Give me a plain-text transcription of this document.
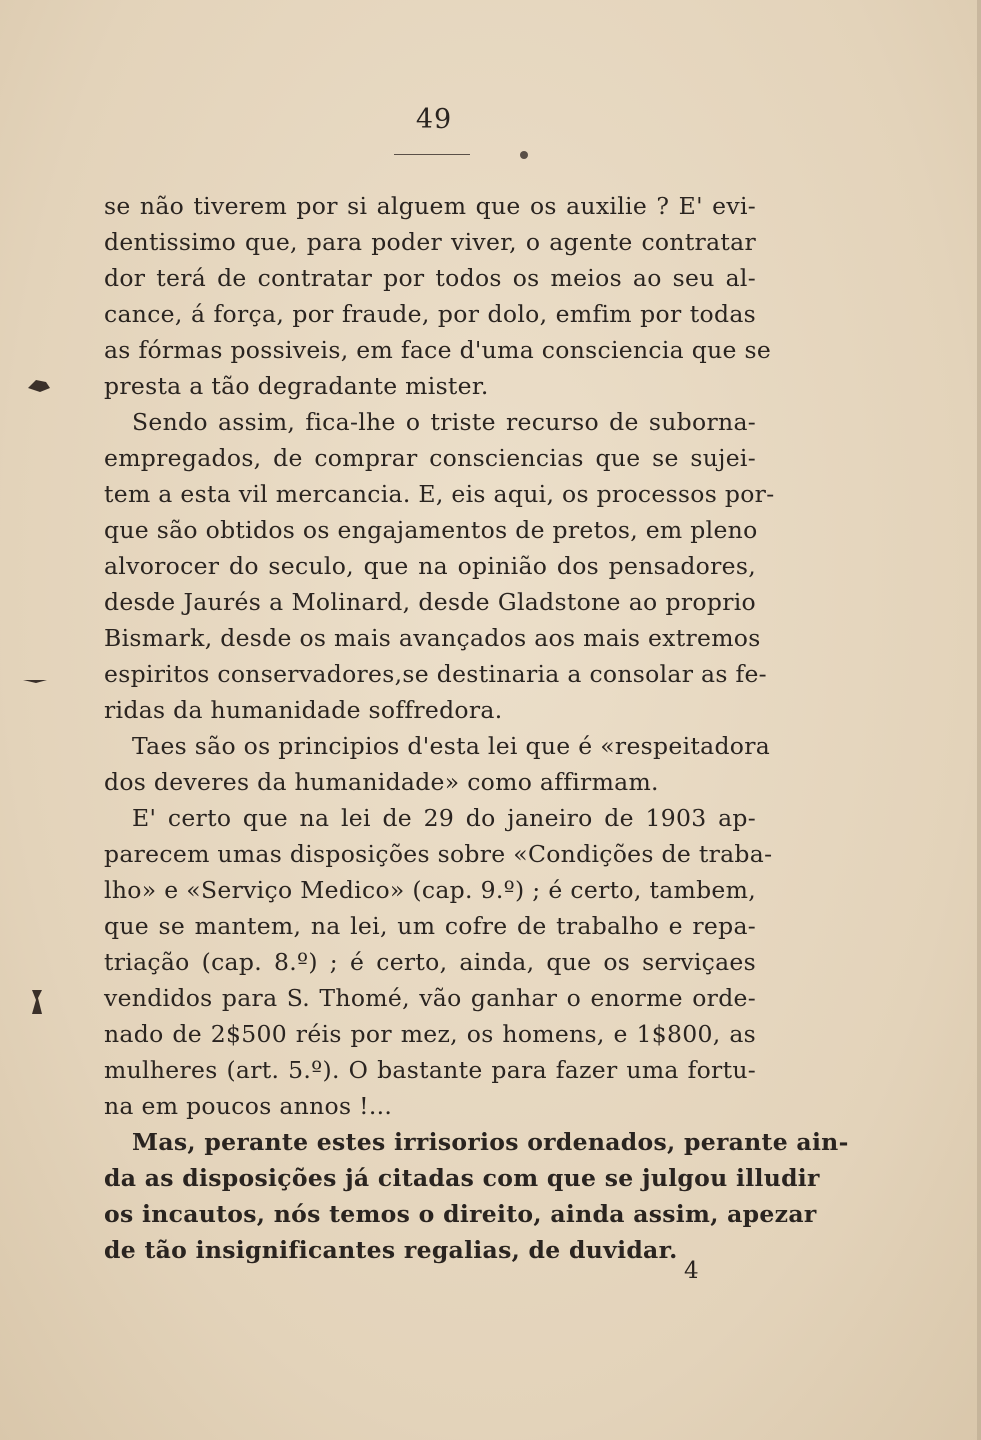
49

se não tiverem por si alguem que os auxilie ? E' evi-
dentissimo que, para poder viver, o agente contratar
dor terá de contratar por todos os meios ao seu al-
cance, á força, por fraude, por dolo, emfim por todas
as fórmas possiveis, em face d'uma consciencia que se
presta a tão degradante mister.

Sendo assim, fica-lhe o triste recurso de suborna-
empregados, de comprar consciencias que se sujei-
tem a esta vil mercancia. E, eis aqui, os processos por-
que são obtidos os engajamentos de pretos, em pleno
alvorocer do seculo, que na opinião dos pensadores,
desde Jaurés a Molinard, desde Gladstone ao proprio
Bismark, desde os mais avançados aos mais extremos
espiritos conservadores,se destinaria a consolar as fe-
ridas da humanidade soffredora.

Taes são os principios d'esta lei que é «respeitadora
dos deveres da humanidade» como affirmam.

E' certo que na lei de 29 do janeiro de 1903 ap-
parecem umas disposições sobre «Condições de traba-
lho» e «Serviço Medico» (cap. 9.º) ; é certo, tambem,
que se mantem, na lei, um cofre de trabalho e repa-
triação (cap. 8.º) ; é certo, ainda, que os serviçaes
vendidos para S. Thomé, vão ganhar o enorme orde-
nado de 2$500 réis por mez, os homens, e 1$800, as
mulheres (art. 5.º). O bastante para fazer uma fortu-
na em poucos annos !...

Mas, perante estes irrisorios ordenados, perante ain-
da as disposições já citadas com que se julgou illudir
os incautos, nós temos o direito, ainda assim, apezar
de tão insignificantes regalias, de duvidar.

4
